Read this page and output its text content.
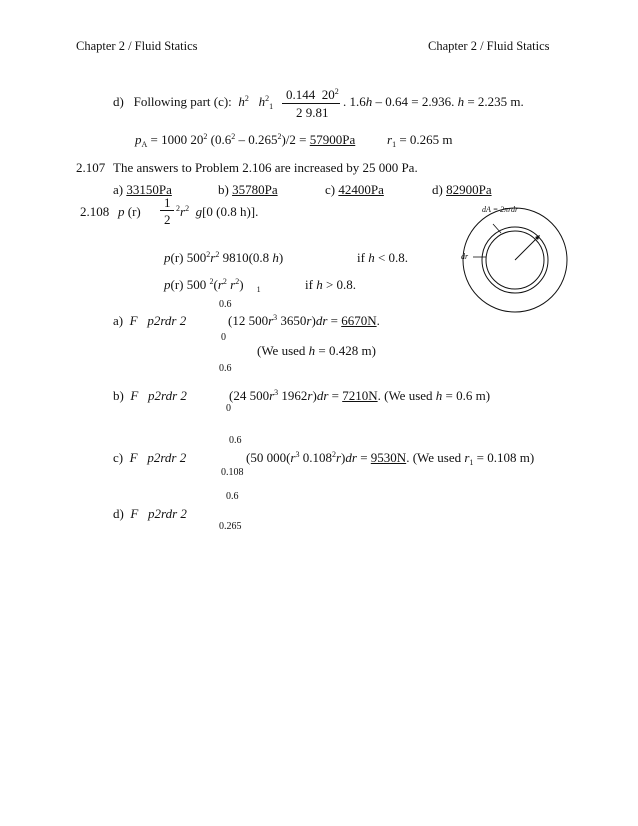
Chapter 2 / Fluid Statics	Chapter 2 / Fluid Statics
d) Following part (c): $h^2$ $h^2_1$
0.144 $20^2$
2 9.81
. 1.6h – 0.64 = 2.936. h = 2.235 m.
$p_A = 1000$ $20^2$ $(0.6^2 - 0.265^2)/2 = 57900Pa$ $r_1 = 0.265$ m
2.107 The answers to Problem 2.106 are increased by 25 000 Pa.
a) 33150Pa	b) 35780Pa	c) 42400Pa	d) 82900Pa
2.108 p (r)
1
2
$^2r^2$ g[0 (0.8 h)].
p(r) $500^2r^2$ 9810(0.8 h)	if h < 0.8.
p(r) 500 $^2(r^2$ $r^2$) $_1$	if h > 0.8.
0.6
a) F p2rdr 2	(12 $500r^3$ 3650r)dr = 6670N.
0
(We used h = 0.428 m)
0.6
b) F p2rdr 2	(24 $500r^3$ 1962r)dr = 7210N. (We used h = 0.6 m)
0
0.6
c) F p2rdr 2	(50 $000(r^3$ $0.108^2r)dr = 9530N$. (We used $r_1 = 0.108$ m)
0.108
0.6
d) F p2rdr 2
0.265
dA = 2πrdr
dr
